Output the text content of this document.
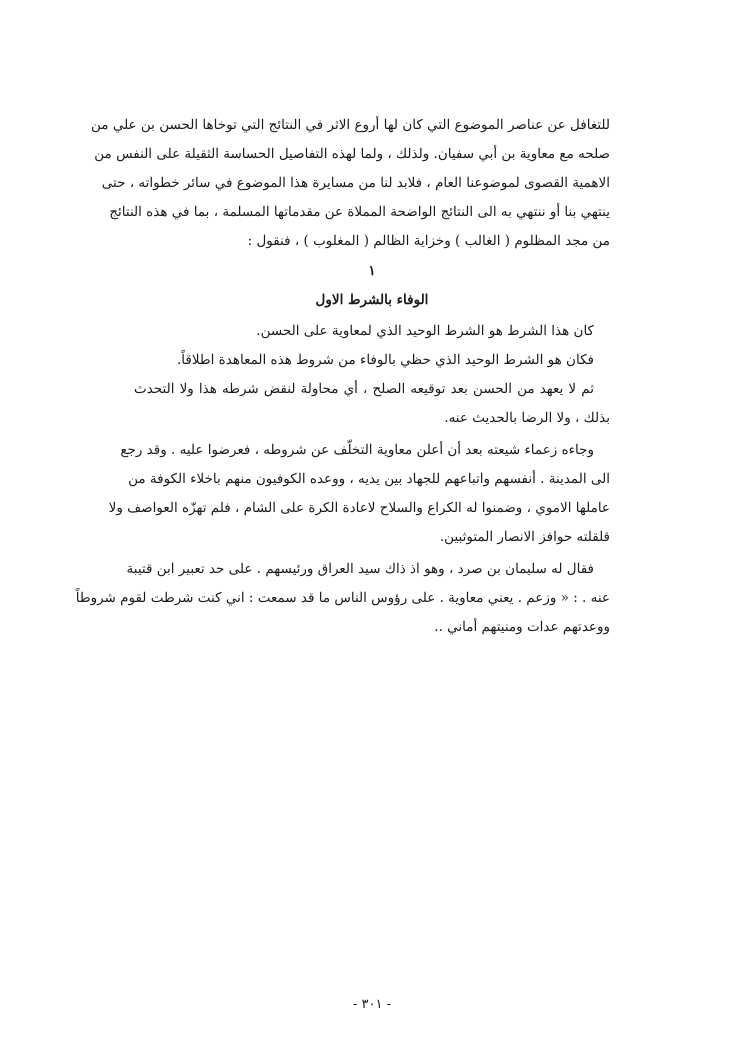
للتغافل عن عناصر الموضوع التي كان لها أروع الاثر في النتائج التي توخاها الحسن بن علي من
صلحه مع معاوية بن أبي سفيان. ولذلك ، ولما لهذه التفاصيل الحساسة الثقيلة على النفس من
الاهمية القصوى لموضوعنا العام ، فلابد لنا من مسايرة هذا الموضوع في سائر خطواته ، حتى
ينتهي بنا أو ننتهي به الى النتائج الواضحة المملاة عن مقدماتها المسلمة ، بما في هذه النتائج
من مجد المظلوم ( الغالب ) وخزاية الظالم ( المغلوب ) ، فنقول :
١
الوفاء بالشرط الاول
كان هذا الشرط هو الشرط الوحيد الذي لمعاوية على الحسن.
فكان هو الشرط الوحيد الذي حظي بالوفاء من شروط هذه المعاهدة اطلاقاً.
ثم لا يعهد من الحسن بعد توقيعه الصلح ، أي محاولة لنقض شرطه هذا ولا التحدث
بذلك ، ولا الرضا بالحديث عنه.
وجاءه زعماء شيعته بعد أن أعلن معاوية التخلّف عن شروطه ، فعرضوا عليه . وقد رجع
الى المدينة . أنفسهم واتباعهم للجهاد بين يديه ، ووعده الكوفيون منهم باخلاء الكوفة من
عاملها الاموي ، وضمنوا له الكراع والسلاح لاعادة الكرة على الشام ، فلم تهزّه العواصف ولا
قلقلته حوافز الانصار المتوثبين.
فقال له سليمان بن صرد ، وهو اذ ذاك سيد العراق ورئيسهم . على حد تعبير ابن قتيبة
عنه . : « وزعم . يعني معاوية . على رؤوس الناس ما قد سمعت : اني كنت شرطت لقوم شروطاً
ووعدتهم عدات ومنيتهم أماني ..
- ٣٠١ -
